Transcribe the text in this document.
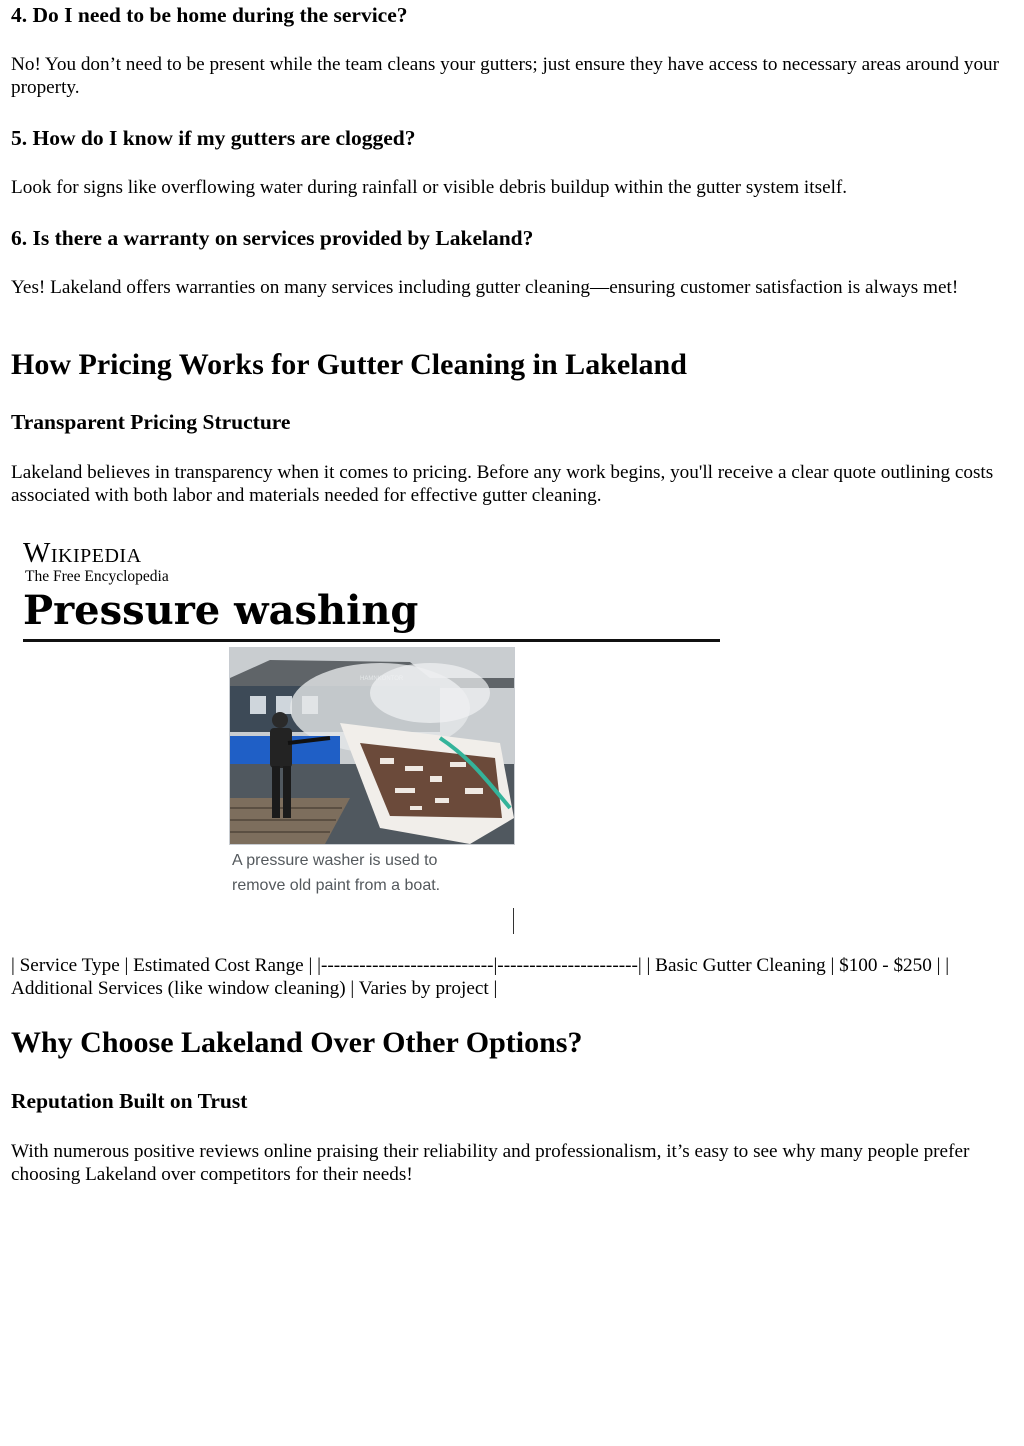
4. Do I need to be home during the service?

No! You don’t need to be present while the team cleans your gutters; just ensure they have access to necessary areas around your property.

5. How do I know if my gutters are clogged?

Look for signs like overflowing water during rainfall or visible debris buildup within the gutter system itself.

6. Is there a warranty on services provided by Lakeland?

Yes! Lakeland offers warranties on many services including gutter cleaning—ensuring customer satisfaction is always met!

How Pricing Works for Gutter Cleaning in Lakeland
Transparent Pricing Structure

Lakeland believes in transparency when it comes to pricing. Before any work begins, you'll receive a clear quote outlining costs associated with both labor and materials needed for effective gutter cleaning.

Wikipedia
The Free Encyclopedia
Pressure washing
A pressure washer is used to remove old paint from a boat.

| Service Type | Estimated Cost Range | |---------------------------|----------------------| | Basic Gutter Cleaning | $100 - $250 | | Additional Services (like window cleaning) | Varies by project |

Why Choose Lakeland Over Other Options?
Reputation Built on Trust

With numerous positive reviews online praising their reliability and professionalism, it’s easy to see why many people prefer choosing Lakeland over competitors for their needs!
